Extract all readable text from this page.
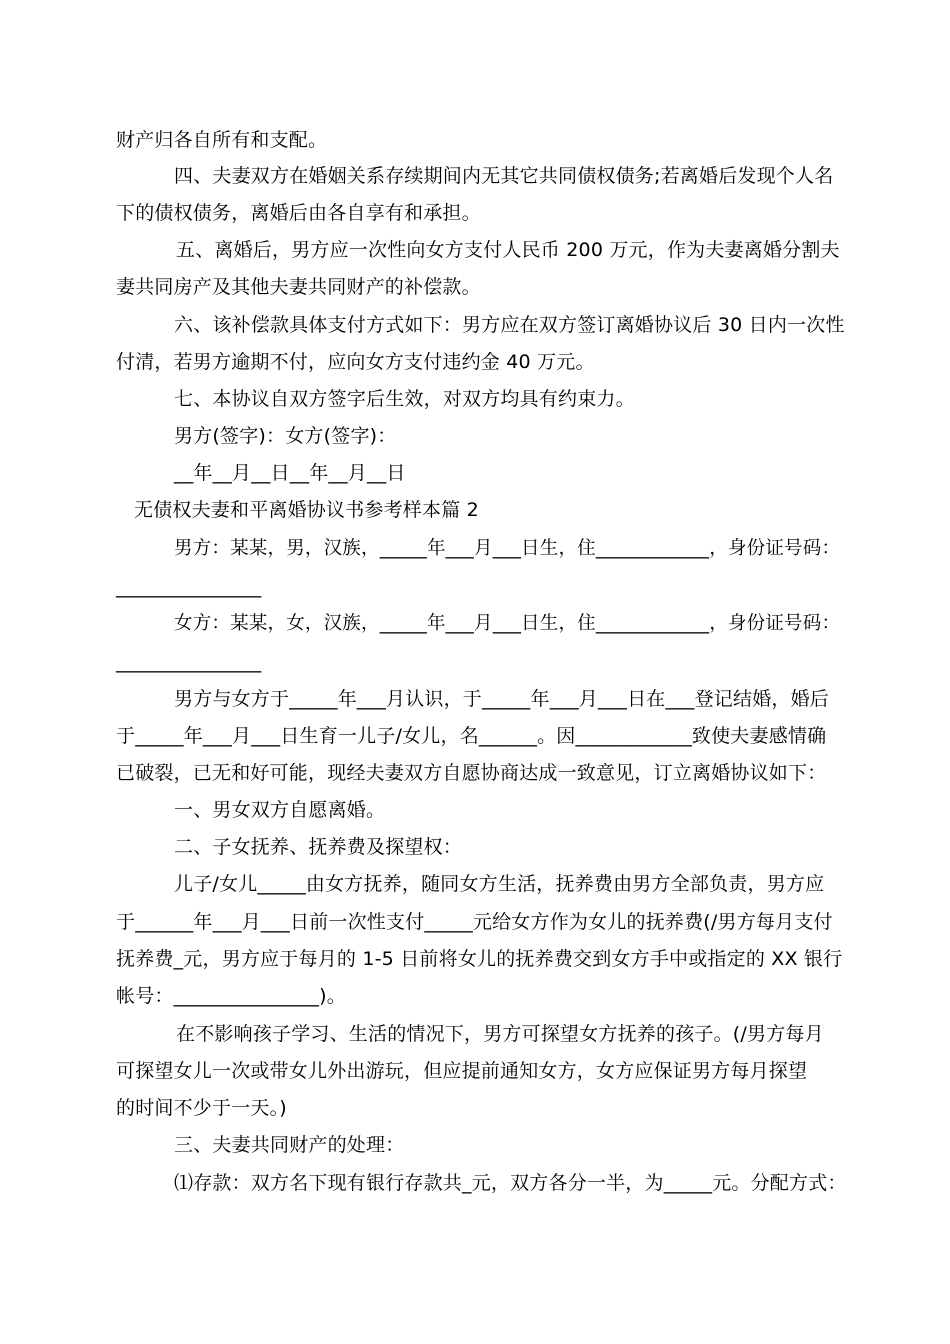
财产归各自所有和支配。
四、夫妻双方在婚姻关系存续期间内无其它共同债权债务;若离婚后发现个人名
下的债权债务，离婚后由各自享有和承担。
五、离婚后，男方应一次性向女方支付人民币 200 万元，作为夫妻离婚分割夫
妻共同房产及其他夫妻共同财产的补偿款。
六、该补偿款具体支付方式如下：男方应在双方签订离婚协议后 30 日内一次性
付清，若男方逾期不付，应向女方支付违约金 40 万元。
七、本协议自双方签字后生效，对双方均具有约束力。
男方(签字)：女方(签字)：
__年__月__日__年__月__日
无债权夫妻和平离婚协议书参考样本篇 2
男方：某某，男，汉族，_____年___月___日生，住____________，身份证号码：
_______________
女方：某某，女，汉族，_____年___月___日生，住____________，身份证号码：
_______________
男方与女方于_____年___月认识，于_____年___月___日在___登记结婚，婚后
于_____年___月___日生育一儿子/女儿，名______。因____________致使夫妻感情确
已破裂，已无和好可能，现经夫妻双方自愿协商达成一致意见，订立离婚协议如下：
一、男女双方自愿离婚。
二、子女抚养、抚养费及探望权：
儿子/女儿_____由女方抚养，随同女方生活，抚养费由男方全部负责，男方应
于______年___月___日前一次性支付_____元给女方作为女儿的抚养费(/男方每月支付
抚养费_元，男方应于每月的 1-5 日前将女儿的抚养费交到女方手中或指定的 XX 银行
帐号：_______________)。
在不影响孩子学习、生活的情况下，男方可探望女方抚养的孩子。(/男方每月
可探望女儿一次或带女儿外出游玩，但应提前通知女方，女方应保证男方每月探望
的时间不少于一天。)
三、夫妻共同财产的处理：
⑴存款：双方名下现有银行存款共_元，双方各分一半，为_____元。分配方式：
